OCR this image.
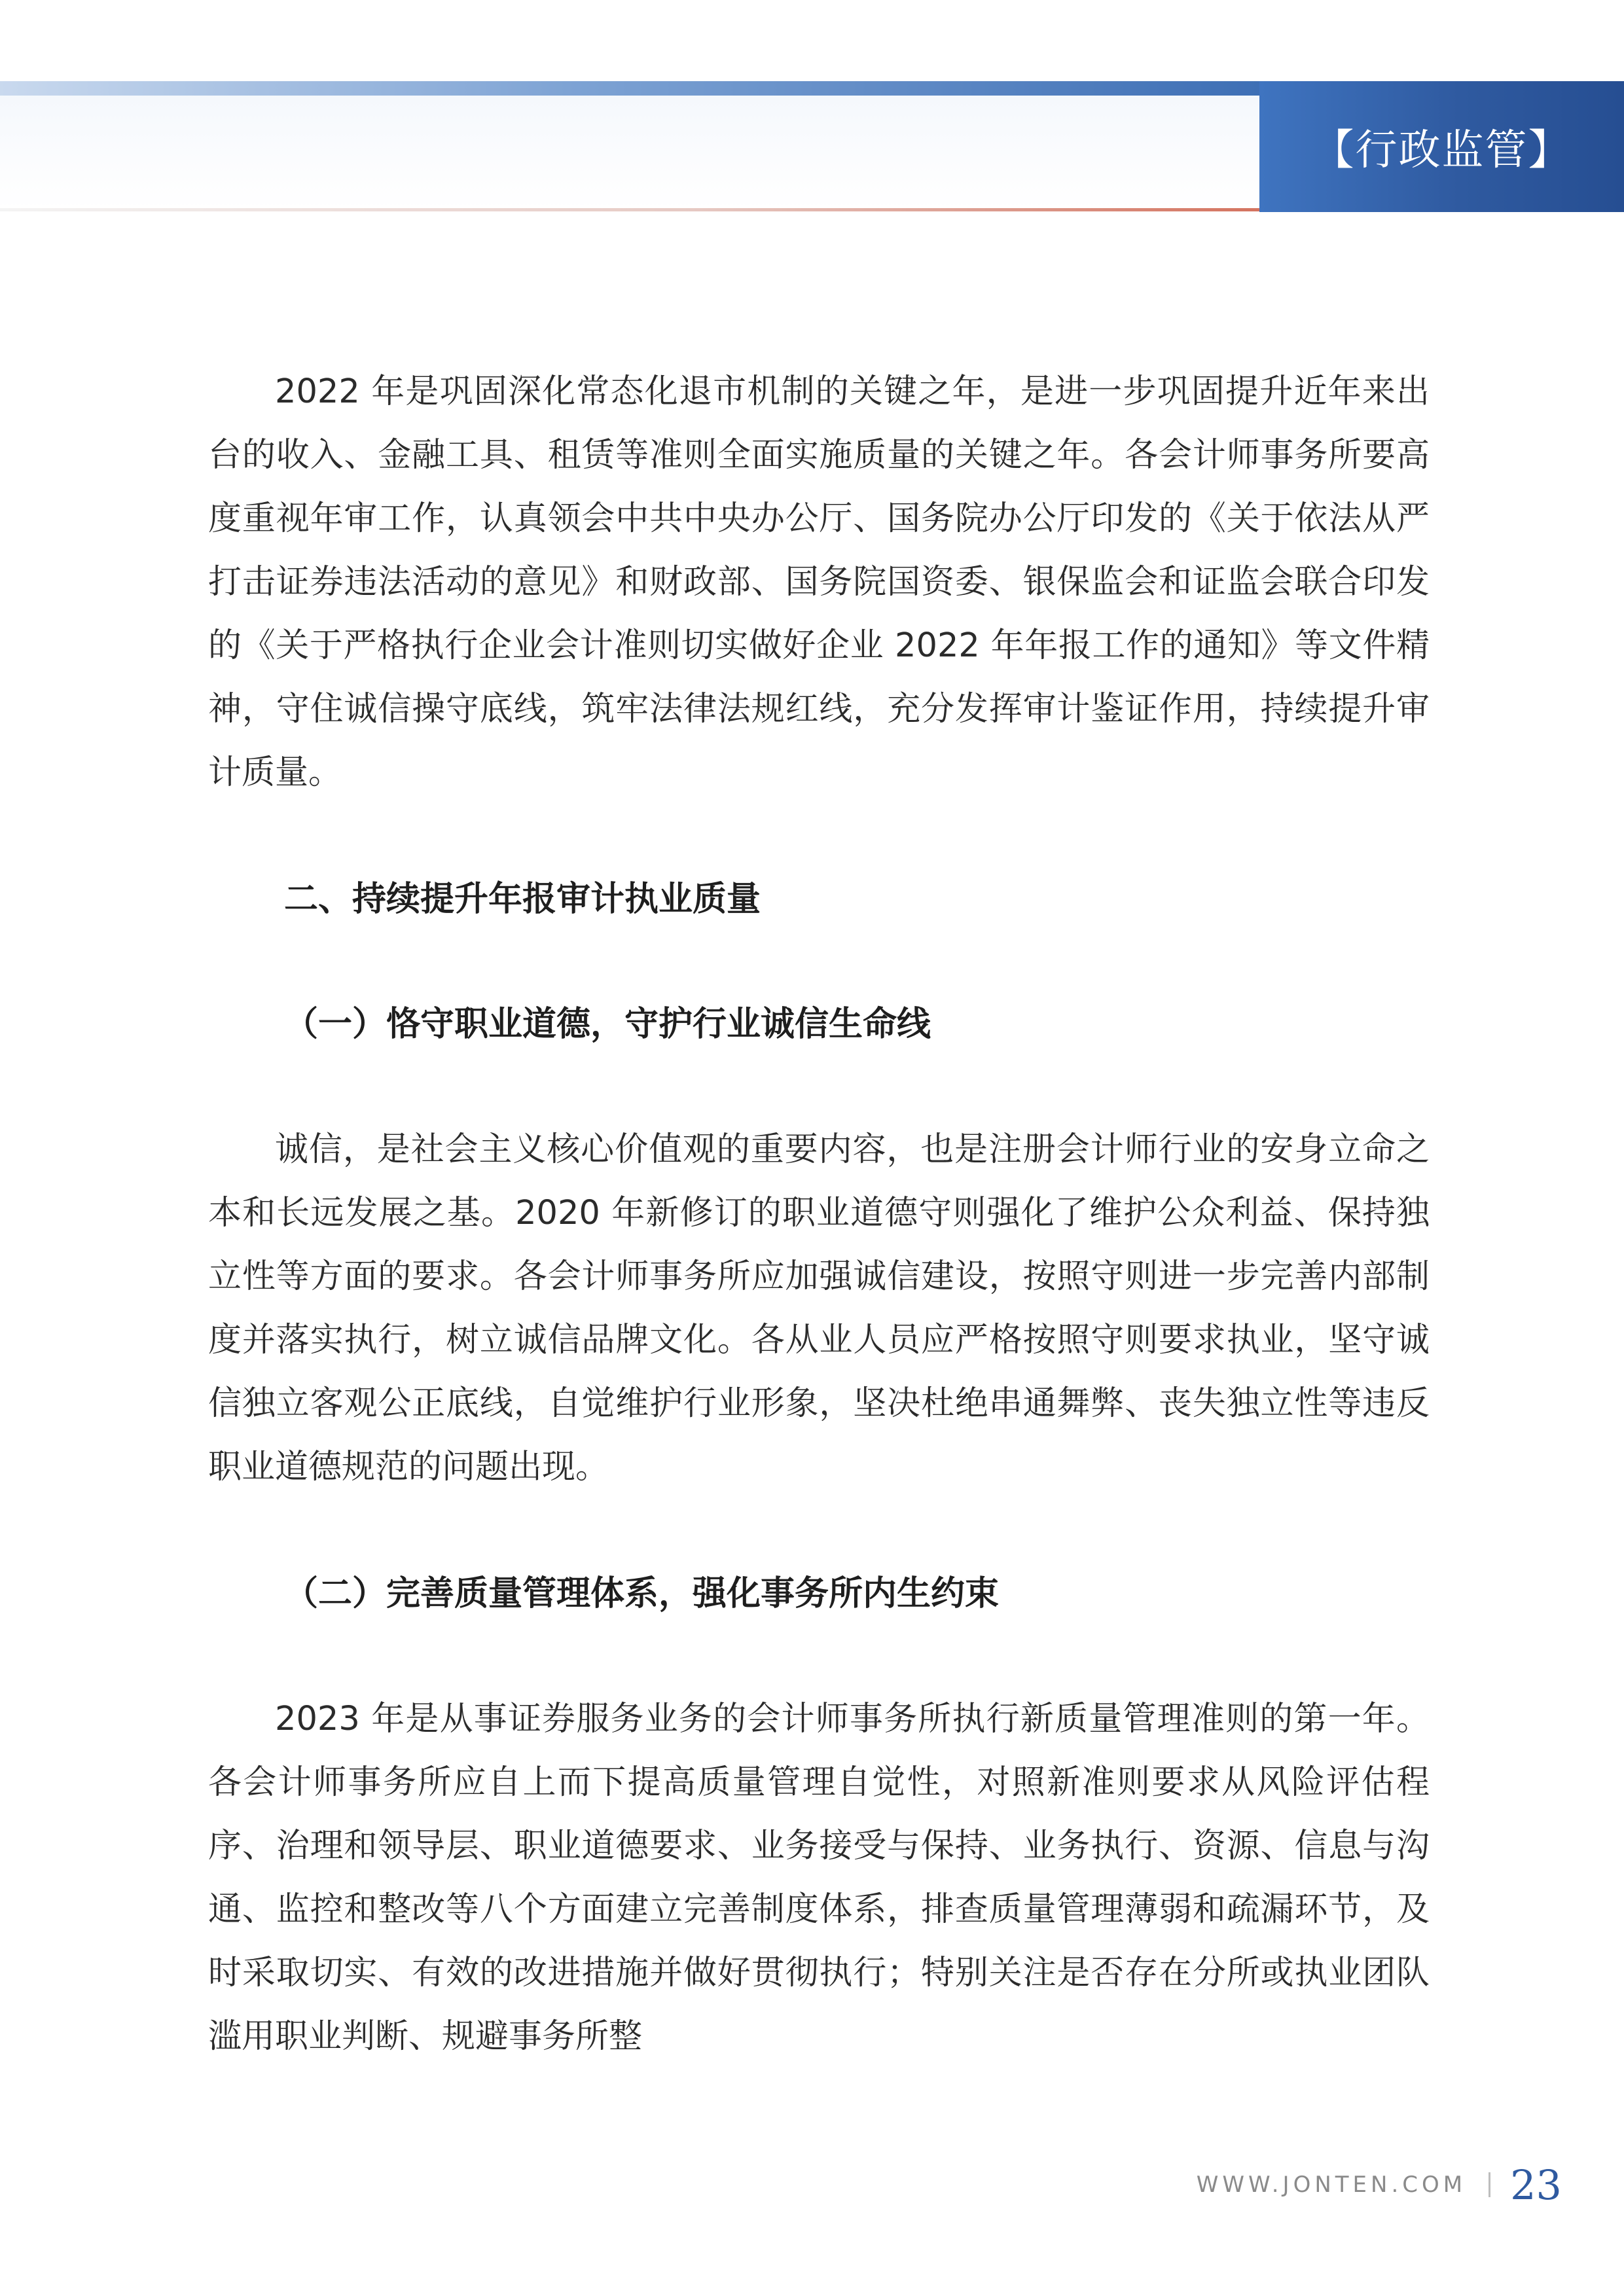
【行政监管】

2022 年是巩固深化常态化退市机制的关键之年，是进一步巩固提升近年来出台的收入、金融工具、租赁等准则全面实施质量的关键之年。各会计师事务所要高度重视年审工作，认真领会中共中央办公厅、国务院办公厅印发的《关于依法从严打击证券违法活动的意见》和财政部、国务院国资委、银保监会和证监会联合印发的《关于严格执行企业会计准则切实做好企业 2022 年年报工作的通知》等文件精神，守住诚信操守底线，筑牢法律法规红线，充分发挥审计鉴证作用，持续提升审计质量。

二、持续提升年报审计执业质量

（一）恪守职业道德，守护行业诚信生命线

诚信，是社会主义核心价值观的重要内容，也是注册会计师行业的安身立命之本和长远发展之基。2020 年新修订的职业道德守则强化了维护公众利益、保持独立性等方面的要求。各会计师事务所应加强诚信建设，按照守则进一步完善内部制度并落实执行，树立诚信品牌文化。各从业人员应严格按照守则要求执业，坚守诚信独立客观公正底线，自觉维护行业形象，坚决杜绝串通舞弊、丧失独立性等违反职业道德规范的问题出现。

（二）完善质量管理体系，强化事务所内生约束

2023 年是从事证券服务业务的会计师事务所执行新质量管理准则的第一年。各会计师事务所应自上而下提高质量管理自觉性，对照新准则要求从风险评估程序、治理和领导层、职业道德要求、业务接受与保持、业务执行、资源、信息与沟通、监控和整改等八个方面建立完善制度体系，排查质量管理薄弱和疏漏环节，及时采取切实、有效的改进措施并做好贯彻执行；特别关注是否存在分所或执业团队滥用职业判断、规避事务所整

WWW.JONTEN.COM 23
